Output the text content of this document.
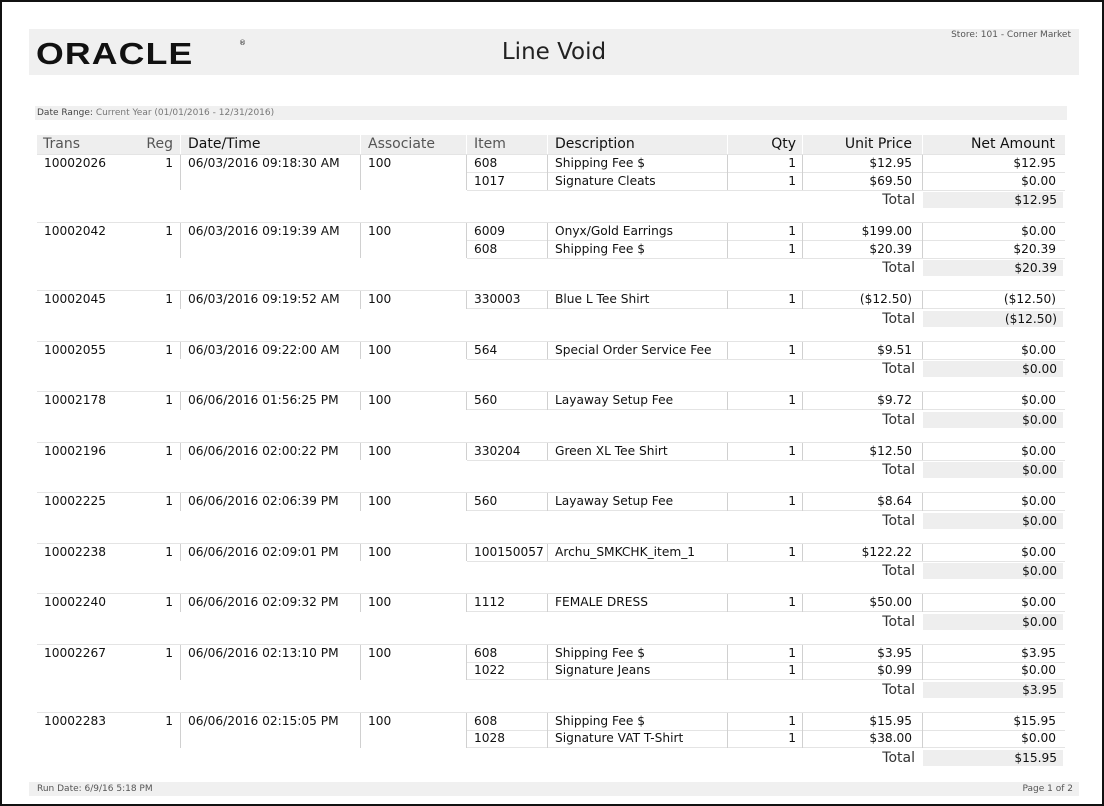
ORACLE	®	Line Void
Store: 101 - Corner Market
Date Range: Current Year (01/01/2016 - 12/31/2016)
Trans	Reg	Date/Time	Associate	Item	Description	Qty	Unit Price	Net Amount
10002026	1	06/03/2016 09:18:30 AM	100	608	Shipping Fee $	1	$12.95	$12.95
1017	Signature Cleats	1	$69.50	$0.00
Total	$12.95
10002042	1	06/03/2016 09:19:39 AM	100	6009	Onyx/Gold Earrings	1	$199.00	$0.00
608	Shipping Fee $	1	$20.39	$20.39
Total	$20.39
10002045	1	06/03/2016 09:19:52 AM	100	330003	Blue L Tee Shirt	1	($12.50)	($12.50)
Total	($12.50)
10002055	1	06/03/2016 09:22:00 AM	100	564	Special Order Service Fee	1	$9.51	$0.00
Total	$0.00
10002178	1	06/06/2016 01:56:25 PM	100	560	Layaway Setup Fee	1	$9.72	$0.00
Total	$0.00
10002196	1	06/06/2016 02:00:22 PM	100	330204	Green XL Tee Shirt	1	$12.50	$0.00
Total	$0.00
10002225	1	06/06/2016 02:06:39 PM	100	560	Layaway Setup Fee	1	$8.64	$0.00
Total	$0.00
10002238	1	06/06/2016 02:09:01 PM	100	100150057 Archu_SMKCHK_item_1	1	$122.22	$0.00
Total	$0.00
10002240	1	06/06/2016 02:09:32 PM	100	1112	FEMALE DRESS	1	$50.00	$0.00
Total	$0.00
10002267	1	06/06/2016 02:13:10 PM	100	608	Shipping Fee $	1	$3.95	$3.95
1022	Signature Jeans	1	$0.99	$0.00
Total	$3.95
10002283	1	06/06/2016 02:15:05 PM	100	608	Shipping Fee $	1	$15.95	$15.95
1028	Signature VAT T-Shirt	1	$38.00	$0.00
Total	$15.95
Run Date: 6/9/16 5:18 PM	Page 1 of 2
